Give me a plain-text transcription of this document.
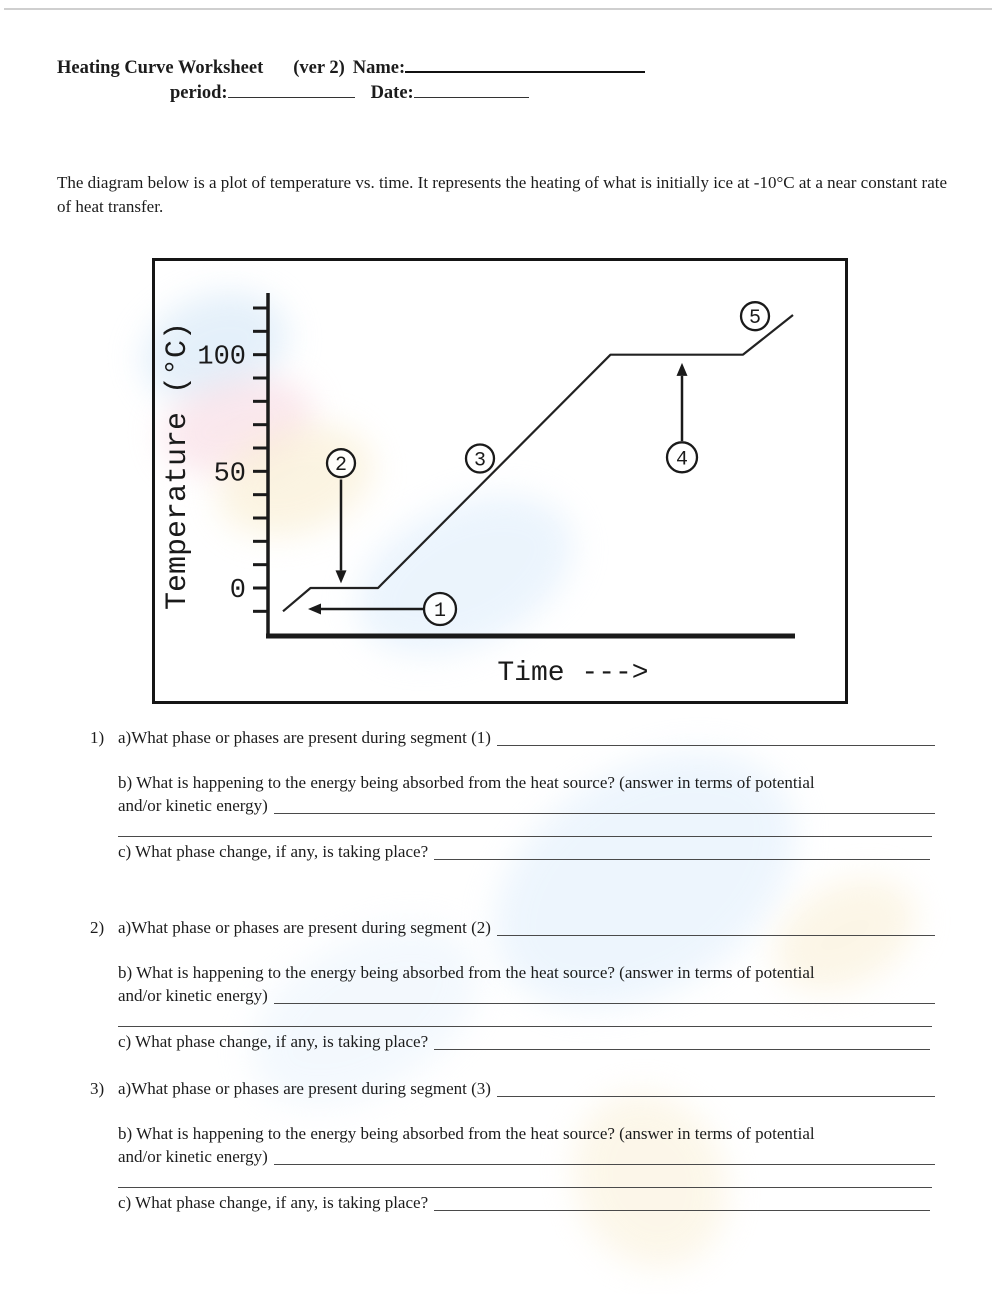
Heating Curve Worksheet (ver 2) Name:
period:	Date:

The diagram below is a plot of temperature vs. time. It represents the heating of what is initially ice at -10°C at a near constant rate of heat transfer.

100
50
0
Temperature (°C)
Time --->
1
2	3	4
5
1) a)What phase or phases are present during segment (1)
b) What is happening to the energy being absorbed from the heat source? (answer in terms of potential
and/or kinetic energy)
c) What phase change, if any, is taking place?
2) a)What phase or phases are present during segment (2)
b) What is happening to the energy being absorbed from the heat source? (answer in terms of potential
and/or kinetic energy)
c) What phase change, if any, is taking place?
3) a)What phase or phases are present during segment (3)
b) What is happening to the energy being absorbed from the heat source? (answer in terms of potential
and/or kinetic energy)
c) What phase change, if any, is taking place?
